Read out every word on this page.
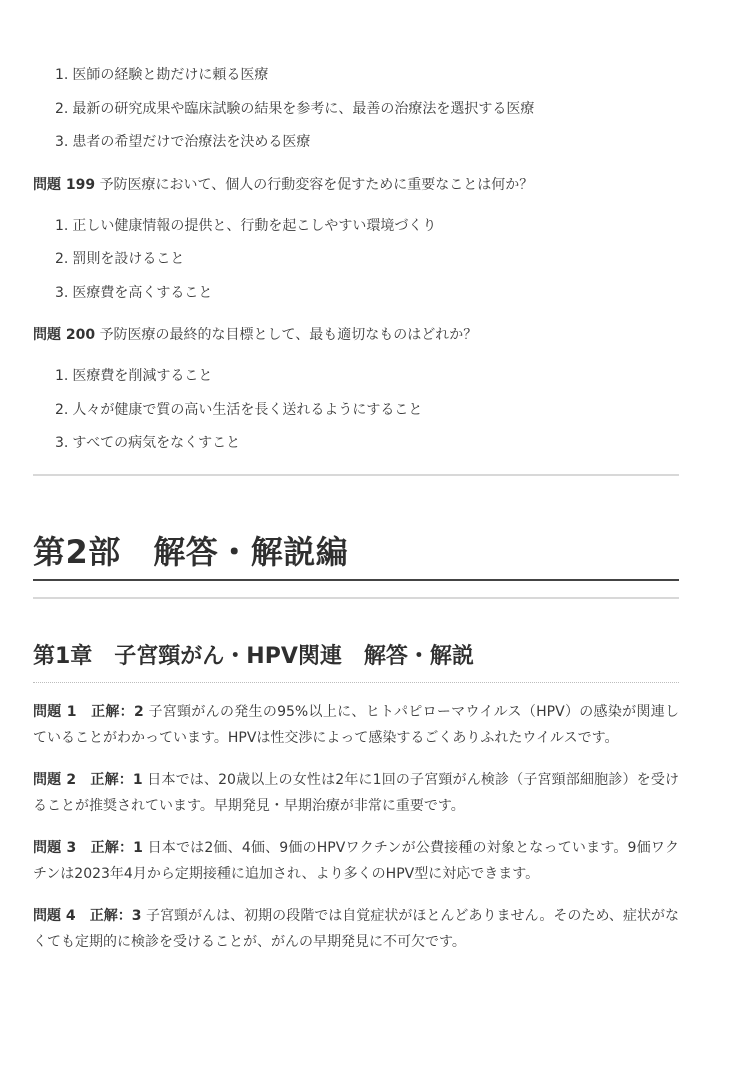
1. 医師の経験と勘だけに頼る医療
2. 最新の研究成果や臨床試験の結果を参考に、最善の治療法を選択する医療
3. 患者の希望だけで治療法を決める医療

問題 199 予防医療において、個人の行動変容を促すために重要なことは何か？

1. 正しい健康情報の提供と、行動を起こしやすい環境づくり
2. 罰則を設けること
3. 医療費を高くすること

問題 200 予防医療の最終的な目標として、最も適切なものはどれか？

1. 医療費を削減すること
2. 人々が健康で質の高い生活を長く送れるようにすること
3. すべての病気をなくすこと
第2部　解答・解説編
第1章　子宮頸がん・HPV関連　解答・解説

問題 1　正解：2 子宮頸がんの発生の95%以上に、ヒトパピローマウイルス（HPV）の感染が関連していることがわかっています。HPVは性交渉によって感染するごくありふれたウイルスです。

問題 2　正解：1 日本では、20歳以上の女性は2年に1回の子宮頸がん検診（子宮頸部細胞診）を受けることが推奨されています。早期発見・早期治療が非常に重要です。

問題 3　正解：1 日本では2価、4価、9価のHPVワクチンが公費接種の対象となっています。9価ワクチンは2023年4月から定期接種に追加され、より多くのHPV型に対応できます。

問題 4　正解：3 子宮頸がんは、初期の段階では自覚症状がほとんどありません。そのため、症状がなくても定期的に検診を受けることが、がんの早期発見に不可欠です。
